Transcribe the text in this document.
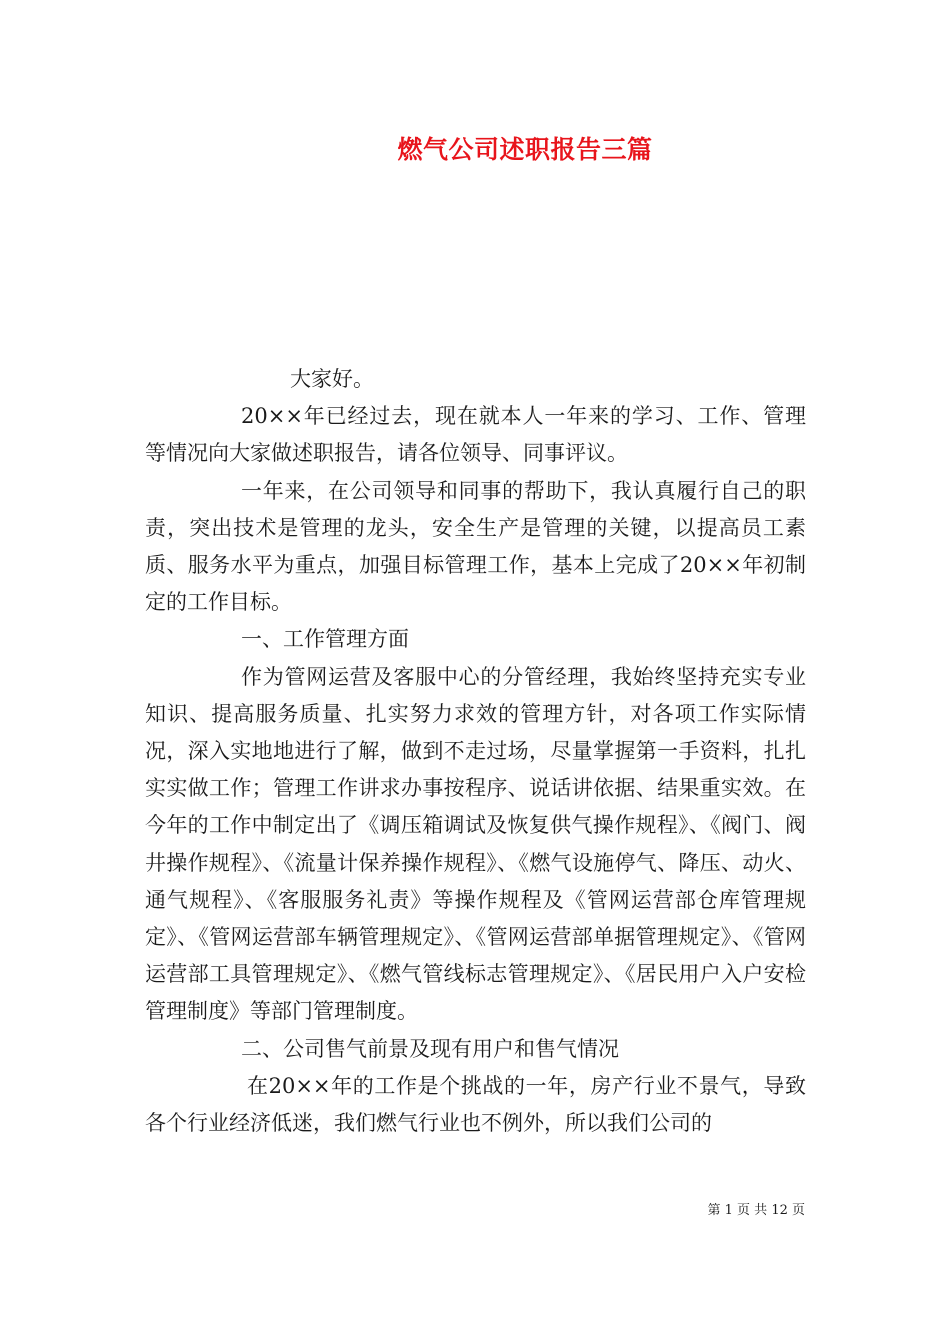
燃气公司述职报告三篇

大家好。

20××年已经过去，现在就本人一年来的学习、工作、管理等情况向大家做述职报告，请各位领导、同事评议。

一年来，在公司领导和同事的帮助下，我认真履行自己的职责，突出技术是管理的龙头，安全生产是管理的关键，以提高员工素质、服务水平为重点，加强目标管理工作，基本上完成了20××年初制定的工作目标。

一、工作管理方面

作为管网运营及客服中心的分管经理，我始终坚持充实专业知识、提高服务质量、扎实努力求效的管理方针，对各项工作实际情况，深入实地地进行了解，做到不走过场，尽量掌握第一手资料，扎扎实实做工作；管理工作讲求办事按程序、说话讲依据、结果重实效。在今年的工作中制定出了《调压箱调试及恢复供气操作规程》、《阀门、阀井操作规程》、《流量计保养操作规程》、《燃气设施停气、降压、动火、通气规程》、《客服服务礼责》等操作规程及《管网运营部仓库管理规定》、《管网运营部车辆管理规定》、《管网运营部单据管理规定》、《管网运营部工具管理规定》、《燃气管线标志管理规定》、《居民用户入户安检管理制度》等部门管理制度。

二、公司售气前景及现有用户和售气情况

在20××年的工作是个挑战的一年，房产行业不景气，导致各个行业经济低迷，我们燃气行业也不例外，所以我们公司的

第 1 页 共 12 页
